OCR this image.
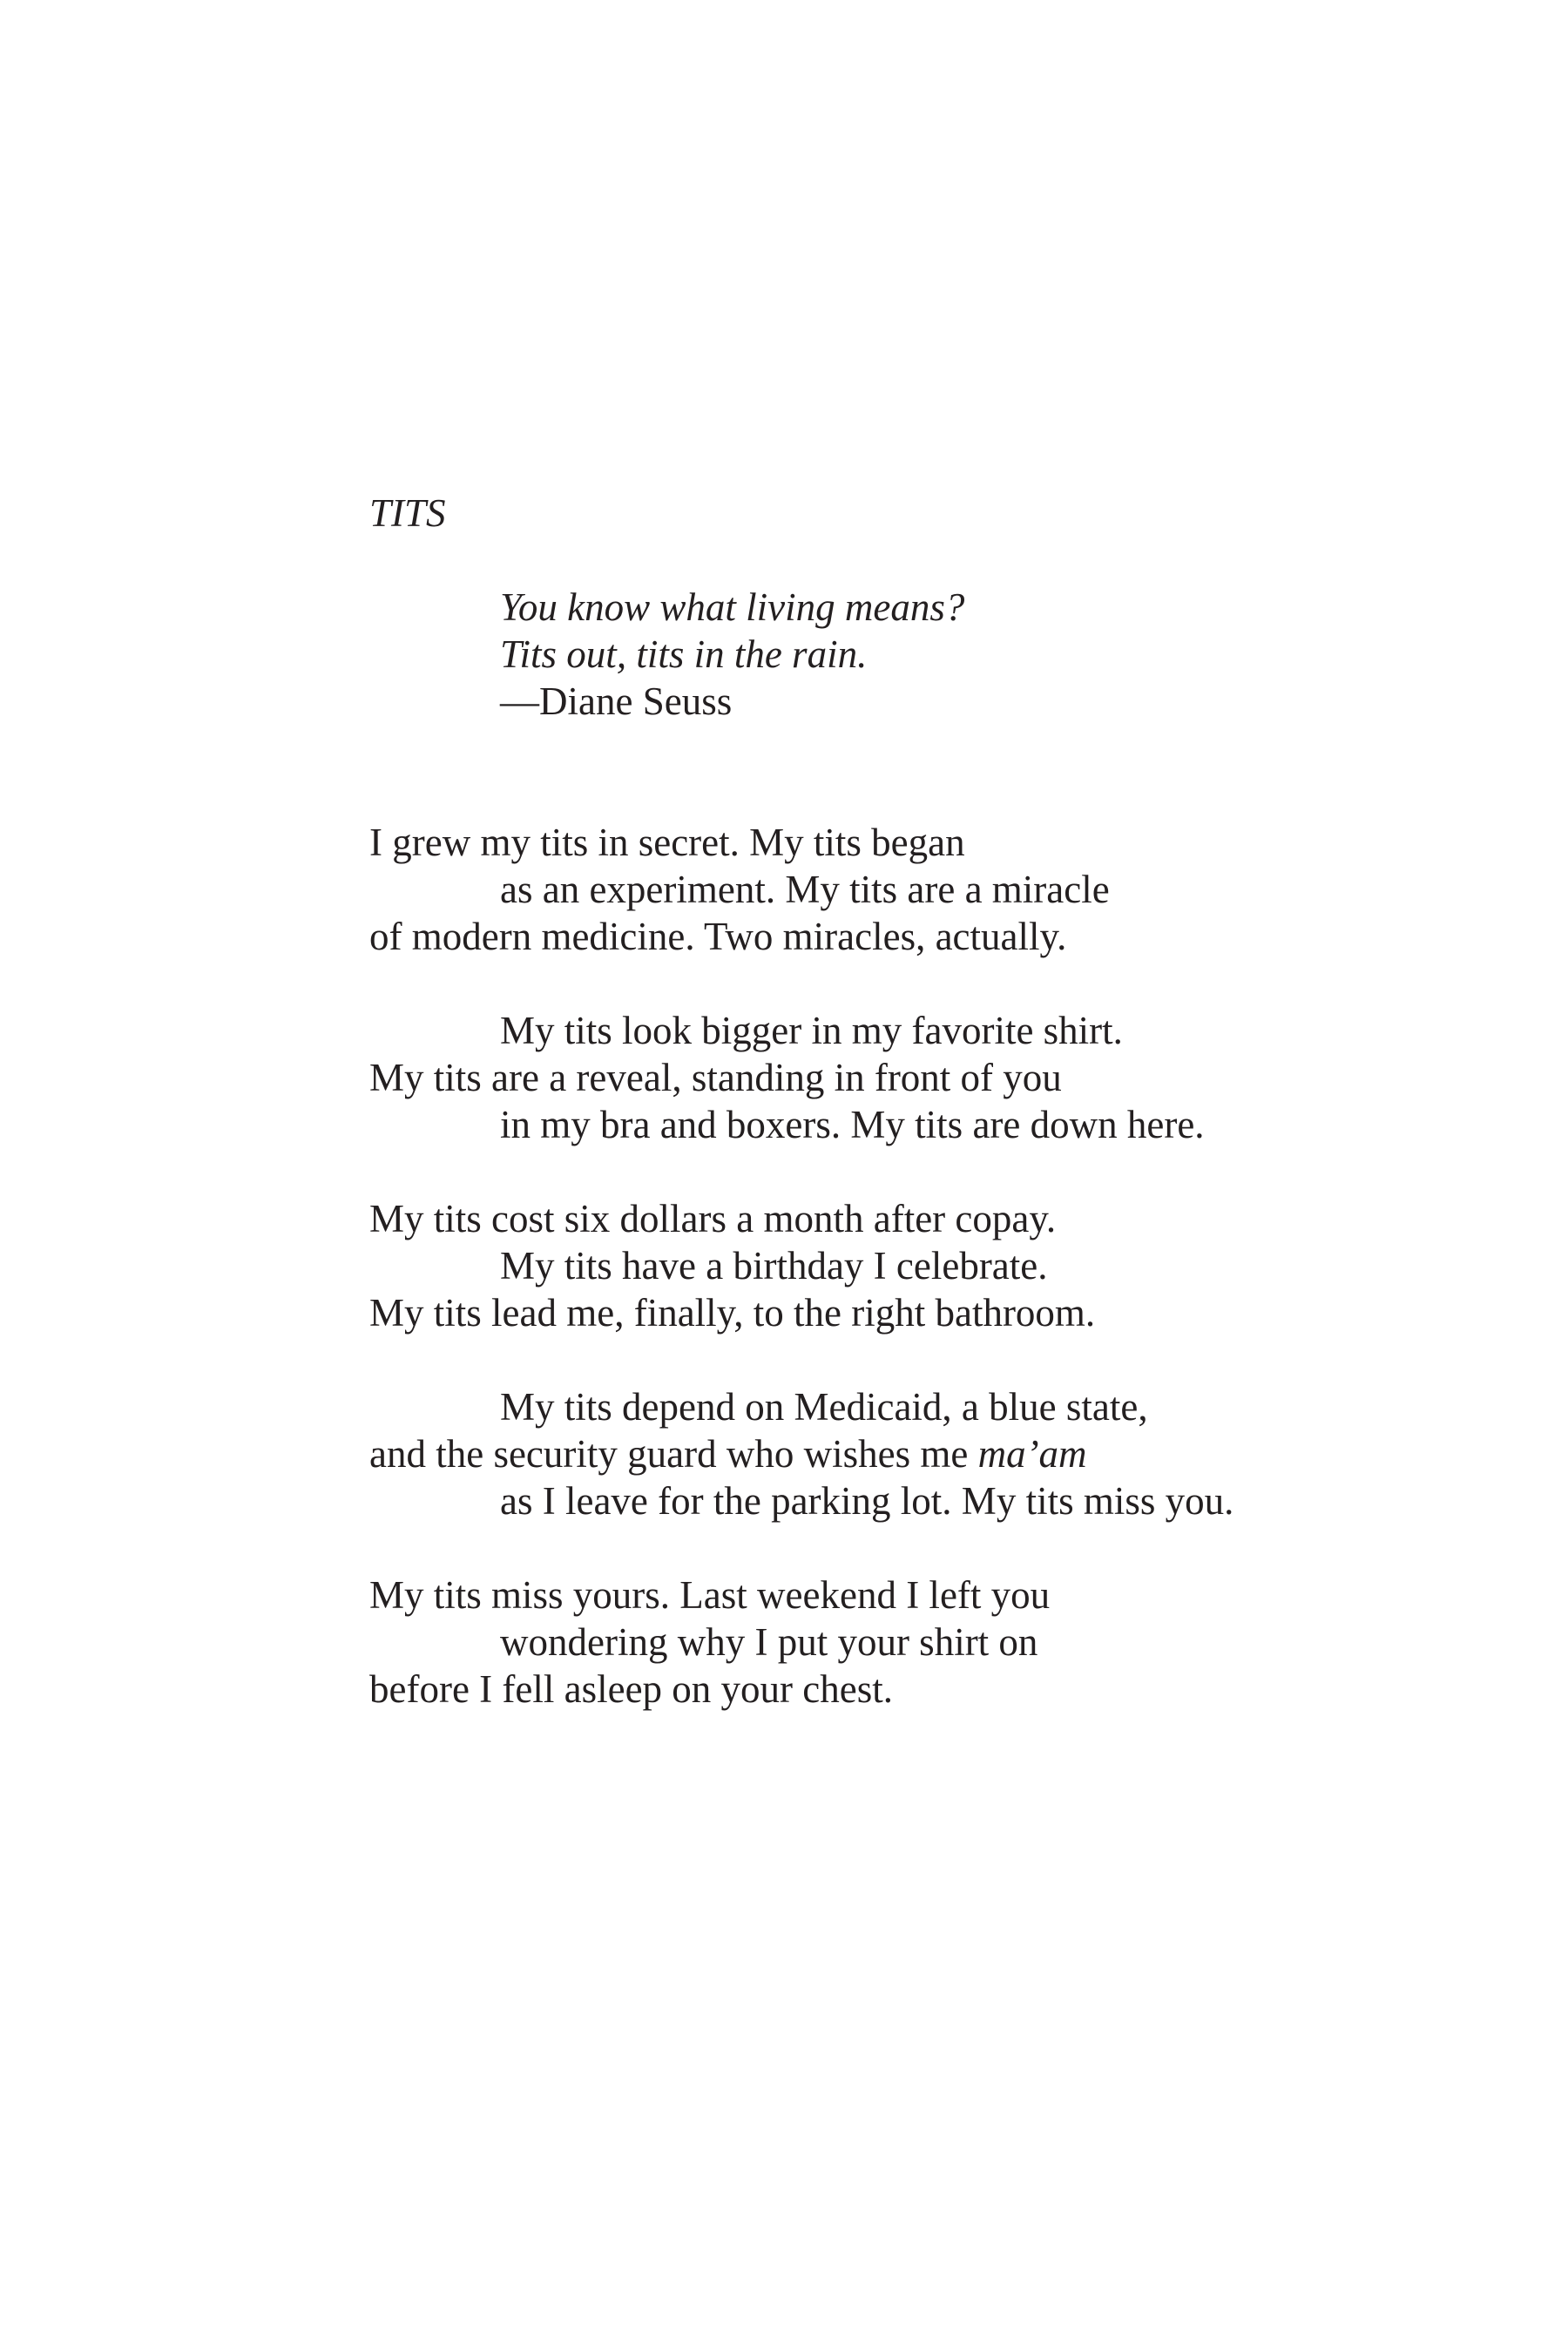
TITS
You know what living means?
Tits out, tits in the rain.
—Diane Seuss
I grew my tits in secret. My tits began
as an experiment. My tits are a miracle
of modern medicine. Two miracles, actually.
My tits look bigger in my favorite shirt.
My tits are a reveal, standing in front of you
in my bra and boxers. My tits are down here.
My tits cost six dollars a month after copay.
My tits have a birthday I celebrate.
My tits lead me, finally, to the right bathroom.
My tits depend on Medicaid, a blue state,
and the security guard who wishes me ma’am
as I leave for the parking lot. My tits miss you.
My tits miss yours. Last weekend I left you
wondering why I put your shirt on
before I fell asleep on your chest.
